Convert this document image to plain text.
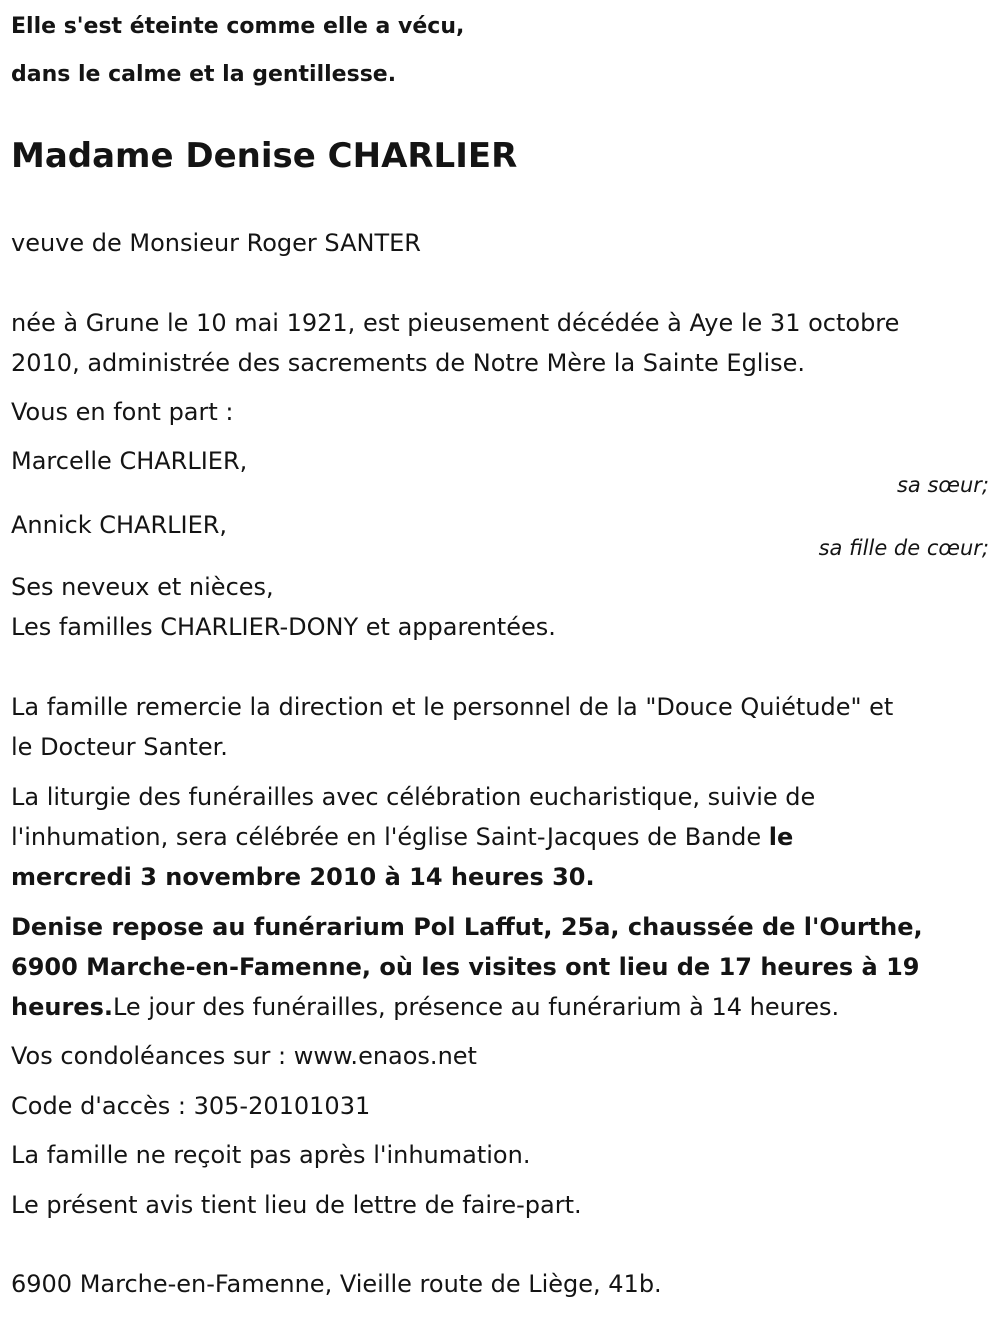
Elle s'est éteinte comme elle a vécu,
dans le calme et la gentillesse.
Madame Denise CHARLIER
veuve de Monsieur Roger SANTER
née à Grune le 10 mai 1921, est pieusement décédée à Aye le 31 octobre
2010, administrée des sacrements de Notre Mère la Sainte Eglise.
Vous en font part :
Marcelle CHARLIER,
sa sœur;
Annick CHARLIER,
sa fille de cœur;
Ses neveux et nièces,
Les familles CHARLIER-DONY et apparentées.
La famille remercie la direction et le personnel de la "Douce Quiétude" et
le Docteur Santer.
La liturgie des funérailles avec célébration eucharistique, suivie de
l'inhumation, sera célébrée en l'église Saint-Jacques de Bande le
mercredi 3 novembre 2010 à 14 heures 30.
Denise repose au funérarium Pol Laffut, 25a, chaussée de l'Ourthe,
6900 Marche-en-Famenne, où les visites ont lieu de 17 heures à 19
heures.Le jour des funérailles, présence au funérarium à 14 heures.
Vos condoléances sur : www.enaos.net
Code d'accès : 305-20101031
La famille ne reçoit pas après l'inhumation.
Le présent avis tient lieu de lettre de faire-part.
6900 Marche-en-Famenne, Vieille route de Liège, 41b.
